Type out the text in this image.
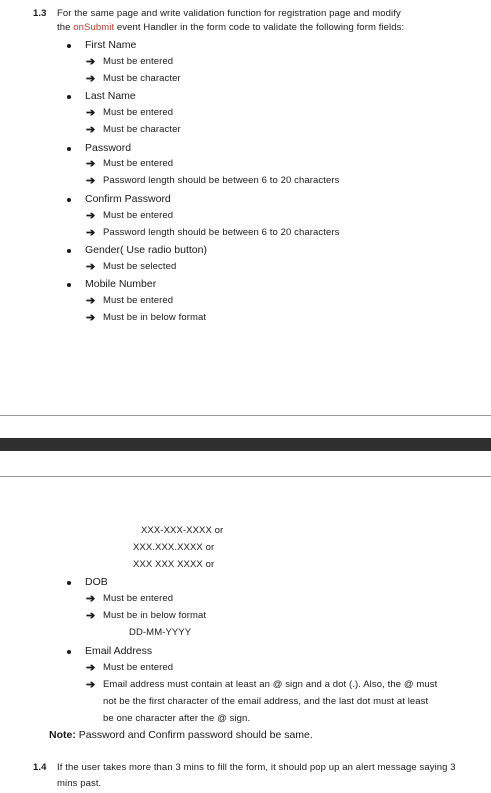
1.3 For the same page and write validation function for registration page and modify
the onSubmit event Handler in the form code to validate the following form fields:
First Name
➔ Must be entered
➔ Must be character
Last Name
➔ Must be entered
➔ Must be character
Password
➔ Must be entered
➔ Password length should be between 6 to 20 characters
Confirm Password
➔ Must be entered
➔ Password length should be between 6 to 20 characters
Gender( Use radio button)
➔ Must be selected
Mobile Number
➔ Must be entered
➔ Must be in below format
XXX-XXX-XXXX or
XXX.XXX.XXXX or
XXX XXX XXXX or
DOB
➔ Must be entered
➔ Must be in below format
DD-MM-YYYY
Email Address
➔ Must be entered
➔ Email address must contain at least an @ sign and a dot (.). Also, the @ must
not be the first character of the email address, and the last dot must at least
be one character after the @ sign.
Note: Password and Confirm password should be same.
1.4 If the user takes more than 3 mins to fill the form, it should pop up an alert message saying 3
mins past.
